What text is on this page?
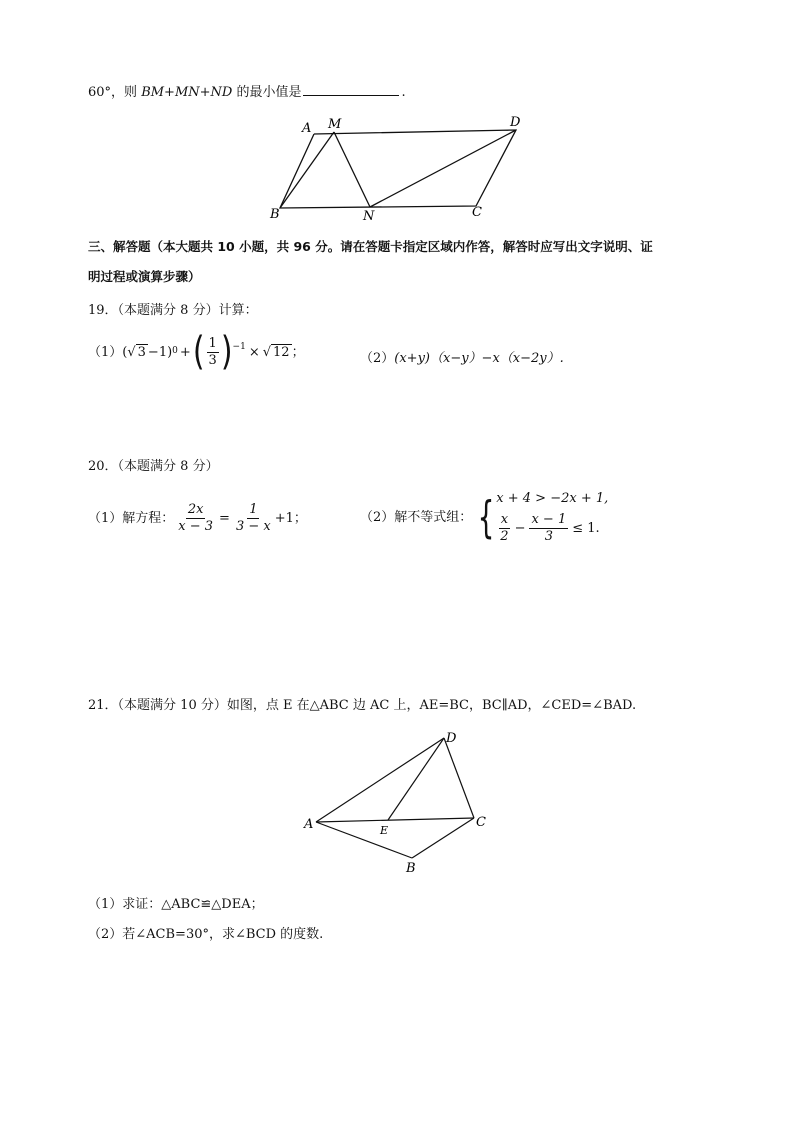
60°，则 BM+MN+ND 的最小值是	.
A M	D
B	N	C
三、解答题（本大题共 10 小题，共 96 分。请在答题卡指定区域内作答，解答时应写出文字说明、证
明过程或演算步骤）
19．（本题满分 8 分）计算：
（1） (√ 3 −1) 0 + ( $\frac{1}{3} )^{-1}$ × √ 12 ；	（2）(x+y)（x−y）−x（x−2y）.
20．（本题满分 8 分）
（1）解方程： $\frac{2x}{x - 3} = \frac{1}{3 - x} +1$；	（2）解不等式组： { x + 4 > −2x + 1,
$\frac{x}{2} - \frac{x - 1}{3} \le 1$.
21．（本题满分 10 分）如图，点 E 在△ABC 边 AC 上，AE=BC，BC∥AD，∠CED=∠BAD.
D
A	E
C
B
（1）求证：△ABC≌△DEA；
（2）若∠ACB=30°，求∠BCD 的度数.
